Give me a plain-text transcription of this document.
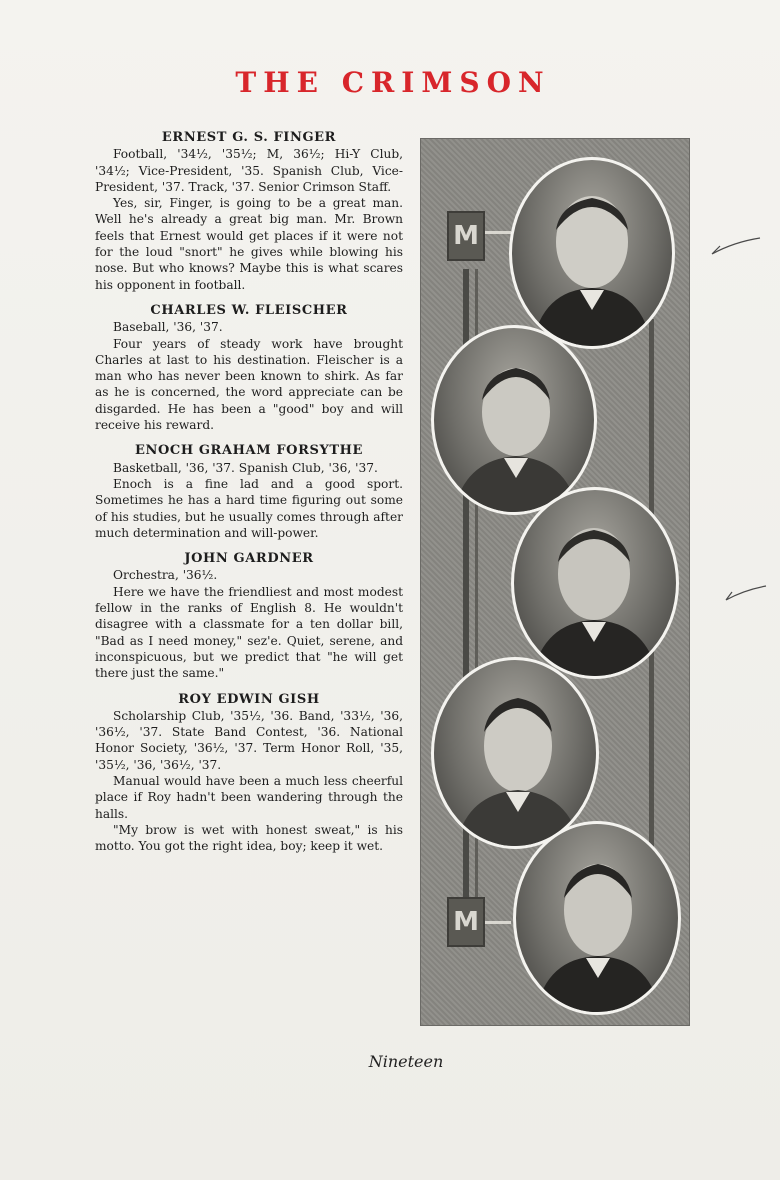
THE CRIMSON
ERNEST G. S. FINGER

Football, '34½, '35½; M, 36½; Hi-Y Club, '34½; Vice-President, '35. Spanish Club, Vice-President, '37. Track, '37. Senior Crimson Staff.

Yes, sir, Finger, is going to be a great man. Well he's already a great big man. Mr. Brown feels that Ernest would get places if it were not for the loud "snort" he gives while blowing his nose. But who knows? Maybe this is what scares his opponent in football.

CHARLES W. FLEISCHER

Baseball, '36, '37.

Four years of steady work have brought Charles at last to his destination. Fleischer is a man who has never been known to shirk. As far as he is concerned, the word appreciate can be disgarded. He has been a "good" boy and will receive his reward.

ENOCH GRAHAM FORSYTHE

Basketball, '36, '37. Spanish Club, '36, '37.

Enoch is a fine lad and a good sport. Sometimes he has a hard time figuring out some of his studies, but he usually comes through after much determination and will-power.

JOHN GARDNER

Orchestra, '36½.

Here we have the friendliest and most modest fellow in the ranks of English 8. He wouldn't disagree with a classmate for a ten dollar bill, "Bad as I need money," sez'e. Quiet, serene, and inconspicuous, but we predict that "he will get there just the same."

ROY EDWIN GISH

Scholarship Club, '35½, '36. Band, '33½, '36, '36½, '37. State Band Contest, '36. National Honor Society, '36½, '37. Term Honor Roll, '35, '35½, '36, '36½, '37.

Manual would have been a much less cheerful place if Roy hadn't been wandering through the halls.

"My brow is wet with honest sweat," is his motto. You got the right idea, boy; keep it wet.

M
M
Nineteen
